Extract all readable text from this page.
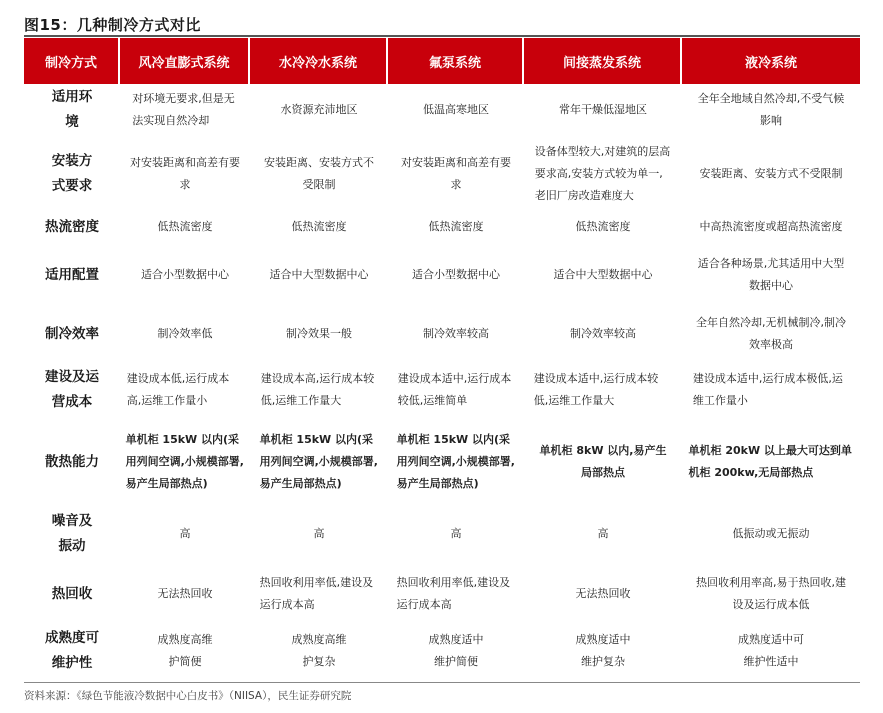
图15：几种制冷方式对比
制冷方式	风冷直膨式系统	水冷冷水系统	氟泵系统	间接蒸发系统	液冷系统

适用环境	对环境无要求,但是无法实现自然冷却	水资源充沛地区	低温高寒地区	常年干燥低湿地区	全年全地域自然冷却,不受气候影响

安装方式要求	对安装距离和高差有要求	安装距离、安装方式不受限制	对安装距离和高差有要求	设备体型较大,对建筑的层高要求高,安装方式较为单一,老旧厂房改造难度大	安装距离、安装方式不受限制
热流密度	低热流密度	低热流密度	低热流密度	低热流密度	中高热流密度或超高热流密度
适用配置	适合小型数据中心	适合中大型数据中心	适合小型数据中心	适合中大型数据中心	适合各种场景,尤其适用中大型数据中心

制冷效率	制冷效率低	制冷效果一般	制冷效率较高	制冷效率较高	全年自然冷却,无机械制冷,制冷效率极高

建设及运营成本	建设成本低,运行成本高,运维工作量小	建设成本高,运行成本较低,运维工作量大	建设成本适中,运行成本较低,运维简单	建设成本适中,运行成本较低,运维工作量大	建设成本适中,运行成本极低,运维工作量小

散热能力	单机柜 15kW 以内(采用列间空调,小规模部署,易产生局部热点)	单机柜 15kW 以内(采用列间空调,小规模部署,易产生局部热点)	单机柜 15kW 以内(采用列间空调,小规模部署,易产生局部热点)	单机柜 8kW 以内,易产生局部热点	单机柜 20kW 以上最大可达到单机柜 200kw,无局部热点

噪音及振动	高	高	高	高	低振动或无振动
热回收	无法热回收	热回收利用率低,建设及运行成本高	热回收利用率低,建设及运行成本高	无法热回收	热回收利用率高,易于热回收,建设及运行成本低

成熟度可维护性	成熟度高维护简便	成熟度高维护复杂	成熟度适中维护简便	成熟度适中维护复杂	成熟度适中可维护性适中
资料来源：《绿色节能液冷数据中心白皮书》（NIISA），民生证券研究院
